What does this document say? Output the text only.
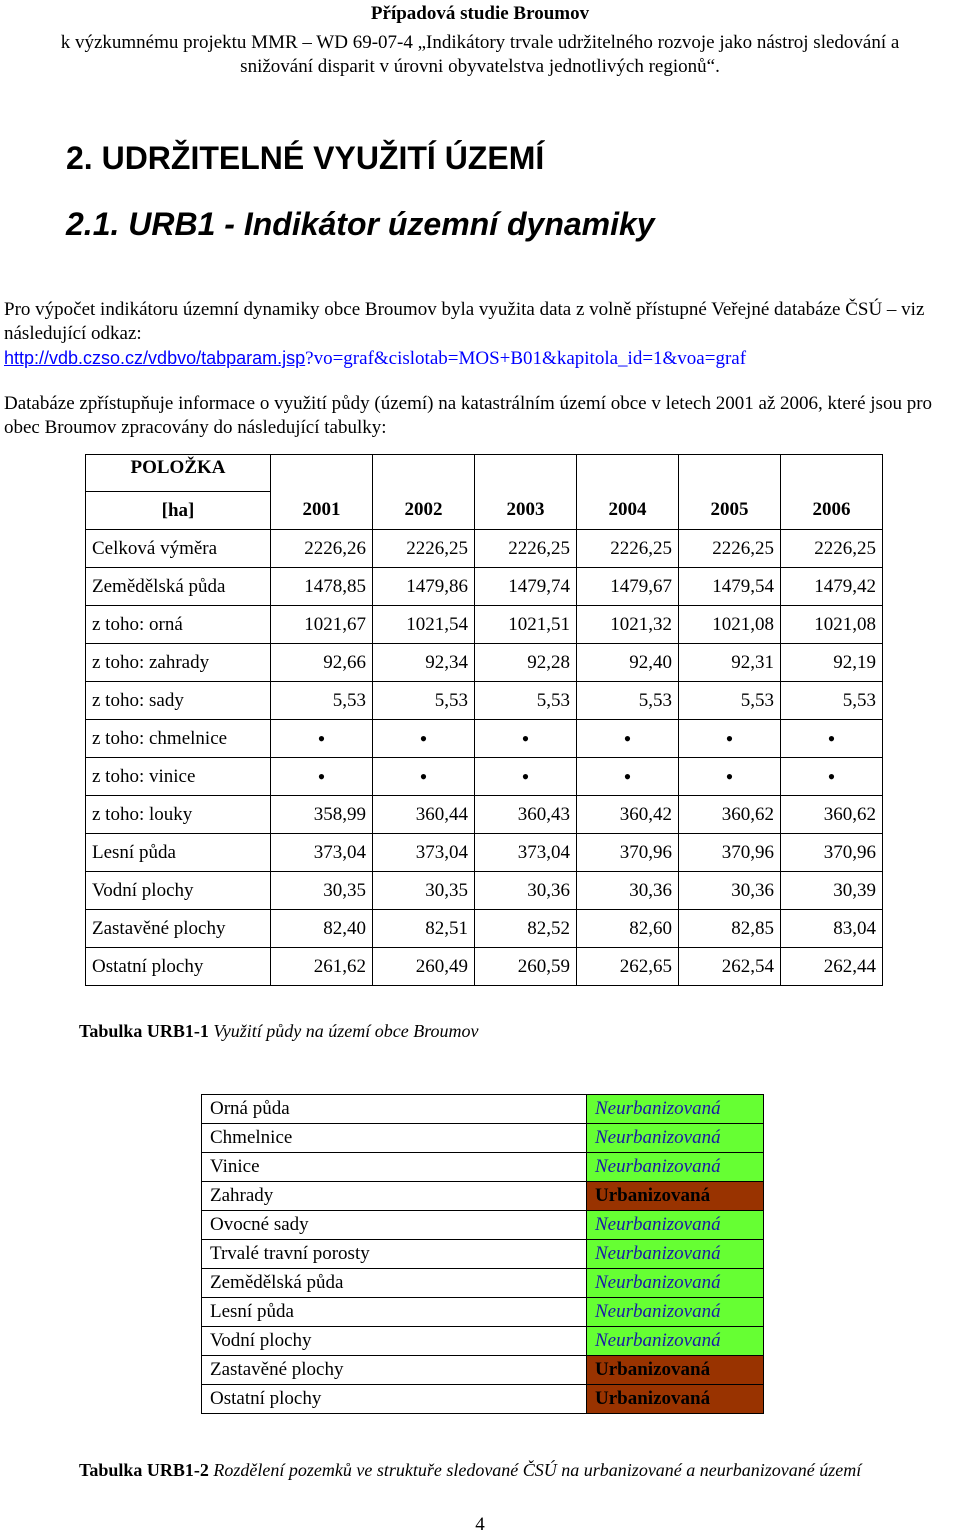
Případová studie Broumov
k výzkumnému projektu MMR – WD 69-07-4 „Indikátory trvale udržitelného rozvoje jako nástroj sledování a
snižování disparit v úrovni obyvatelstva jednotlivých regionů“.
2. UDRŽITELNÉ VYUŽITÍ ÚZEMÍ
2.1. URB1 - Indikátor územní dynamiky
Pro výpočet indikátoru územní dynamiky obce Broumov byla využita data z volně přístupné Veřejné databáze ČSÚ – viz následující odkaz:
http://vdb.czso.cz/vdbvo/tabparam.jsp?vo=graf&cislotab=MOS+B01&kapitola_id=1&voa=graf
Databáze zpřístupňuje informace o využití půdy (území) na katastrálním území obce v letech 2001 až 2006, které jsou pro obec Broumov zpracovány do následující tabulky:
POLOŽKA						
[ha]	2001	2002	2003	2004	2005	2006
Celková výměra	2226,26	2226,25	2226,25	2226,25	2226,25	2226,25
Zemědělská půda	1478,85	1479,86	1479,74	1479,67	1479,54	1479,42
z toho: orná	1021,67	1021,54	1021,51	1021,32	1021,08	1021,08
z toho: zahrady	92,66	92,34	92,28	92,40	92,31	92,19
z toho: sady	5,53	5,53	5,53	5,53	5,53	5,53
z toho: chmelnice	•	•	•	•	•	•
z toho: vinice	•	•	•	•	•	•
z toho: louky	358,99	360,44	360,43	360,42	360,62	360,62
Lesní půda	373,04	373,04	373,04	370,96	370,96	370,96
Vodní plochy	30,35	30,35	30,36	30,36	30,36	30,39
Zastavěné plochy	82,40	82,51	82,52	82,60	82,85	83,04
Ostatní plochy	261,62	260,49	260,59	262,65	262,54	262,44
Tabulka URB1-1 Využití půdy na území obce Broumov
Orná půda	Neurbanizovaná
Chmelnice	Neurbanizovaná
Vinice	Neurbanizovaná
Zahrady	Urbanizovaná
Ovocné sady	Neurbanizovaná
Trvalé travní porosty	Neurbanizovaná
Zemědělská půda	Neurbanizovaná
Lesní půda	Neurbanizovaná
Vodní plochy	Neurbanizovaná
Zastavěné plochy	Urbanizovaná
Ostatní plochy	Urbanizovaná
Tabulka URB1-2 Rozdělení pozemků ve struktuře sledované ČSÚ na urbanizované a neurbanizované území
4
